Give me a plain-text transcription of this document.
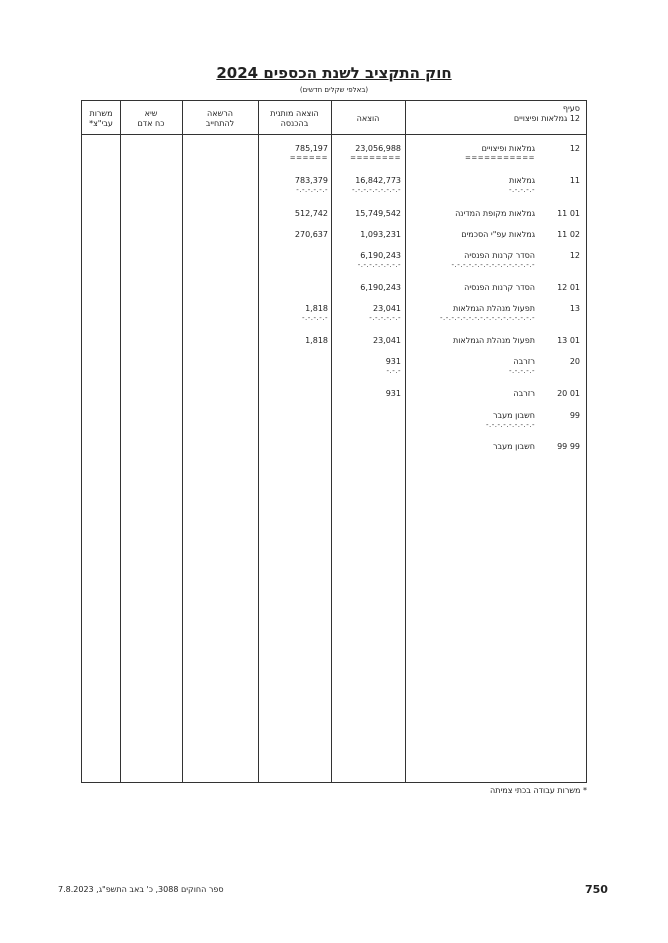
חוק התקציב לשנת הכספים 2024
(באלפי שקלים חדשים)
משרות
עבי"צ*
שיא
כח אדם
הרשאה
להתחייב
הוצאה מותנית
בהכנסה
הוצאה
סעיף
12 גמלאות ופיצויים
12
גמלאות ופיצויים
23,056,988
785,197
===========
========
======
11
גמלאות
16,842,773
783,379
-.-.-.-.-
-.-.-.-.-.-.-.-.-
-.-.-.-.-.-
11 01
גמלאות מקופת המדינה
15,749,542
512,742
11 02
גמלאות עפ"י הסכמים
1,093,231
270,637
12
הסדר קרנות הפנסיה
6,190,243
-.-.-.-.-.-.-.-.-.-.-.-.-.-.-
-.-.-.-.-.-.-.-
12 01
הסדר קרנות הפנסיה
6,190,243
13
תפעול מנהלת הגמלאות
23,041
1,818
-.-.-.-.-.-.-.-.-.-.-.-.-.-.-.-.-
-.-.-.-.-.-
-.-.-.-.-
13 01
תפעול מנהלת הגמלאות
23,041
1,818
20
רזרבה
931
-.-.-.-.-
-.-.-
20 01
רזרבה
931
99
חשבון מעבר
-.-.-.-.-.-.-.-.-
99 99
חשבון מעבר
* משרות עבודה בכתי צמיתה
ספר החוקים 3088, כ' באב התשפ"ג, 7.8.2023	750
